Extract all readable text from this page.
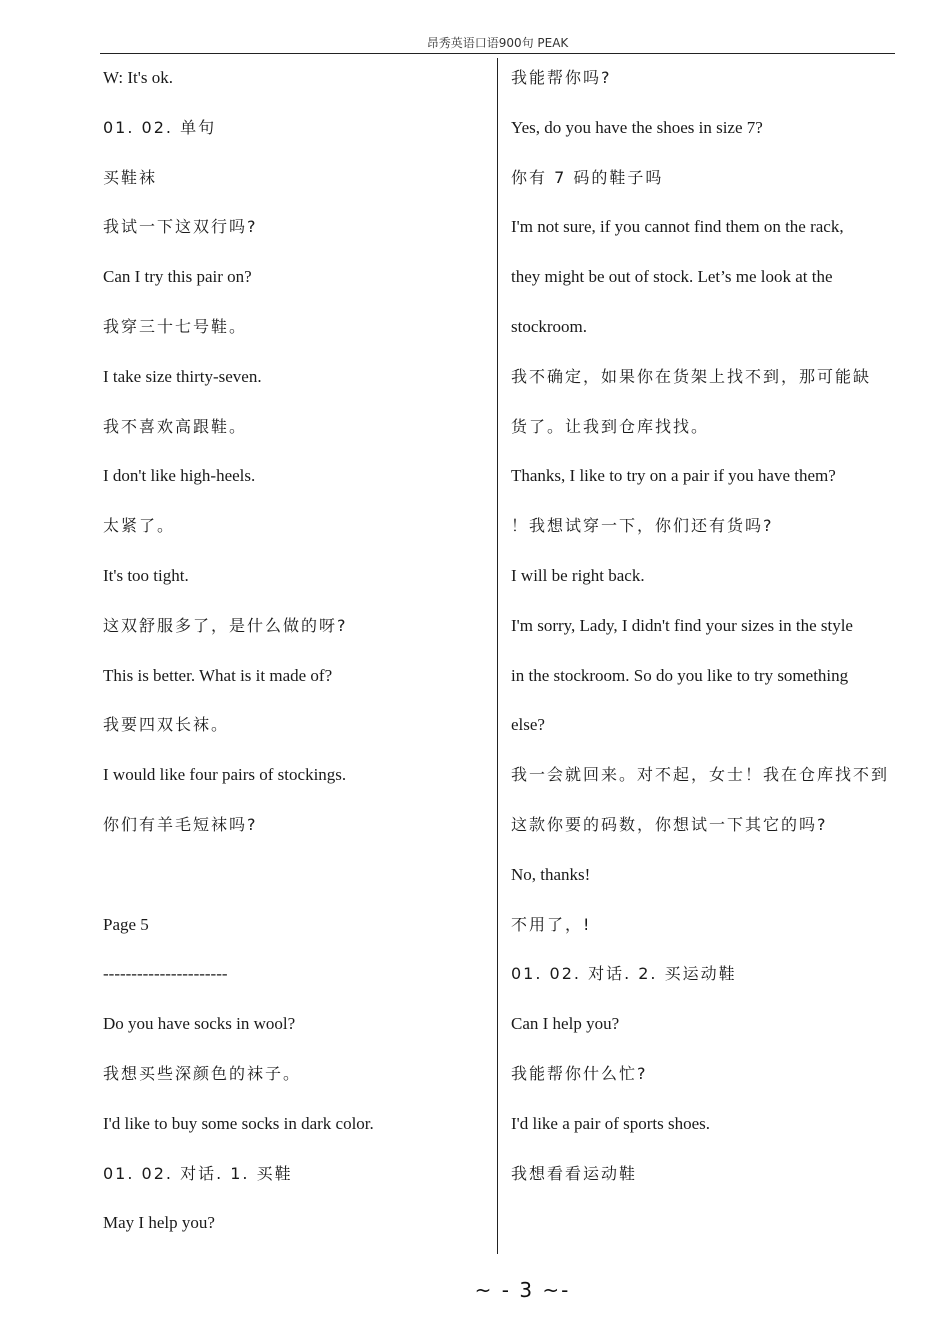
昂秀英语口语900句 PEAK
W: It's ok.
01. 02. 单句
买鞋袜
我试一下这双行吗?
Can I try this pair on?
我穿三十七号鞋。
I take size thirty-seven.
我不喜欢高跟鞋。
I don't like high-heels.
太紧了。
It's too tight.
这双舒服多了，是什么做的呀?
This is better. What is it made of?
我要四双长袜。
I would like four pairs of stockings.
你们有羊毛短袜吗?
Page 5
----------------------
Do you have socks in wool?
我想买些深颜色的袜子。
I'd like to buy some socks in dark color.
01. 02. 对话. 1. 买鞋
May I help you?
我能帮你吗?
Yes, do you have the shoes in size 7?
你有 7 码的鞋子吗
I'm not sure, if you cannot find them on the rack,
they might be out of stock. Let’s me look at the
stockroom.
我不确定，如果你在货架上找不到，那可能缺
货了。让我到仓库找找。
Thanks, I like to try on a pair if you have them?
！我想试穿一下，你们还有货吗?
I will be right back.
I'm sorry, Lady, I didn't find your sizes in the style
in the stockroom. So do you like to try something
else?
我一会就回来。对不起，女士！我在仓库找不到
这款你要的码数，你想试一下其它的吗?
No, thanks!
不用了，!
01. 02. 对话. 2. 买运动鞋
Can I help you?
我能帮你什么忙?
I'd like a pair of sports shoes.
我想看看运动鞋
~ - 3 ~-
